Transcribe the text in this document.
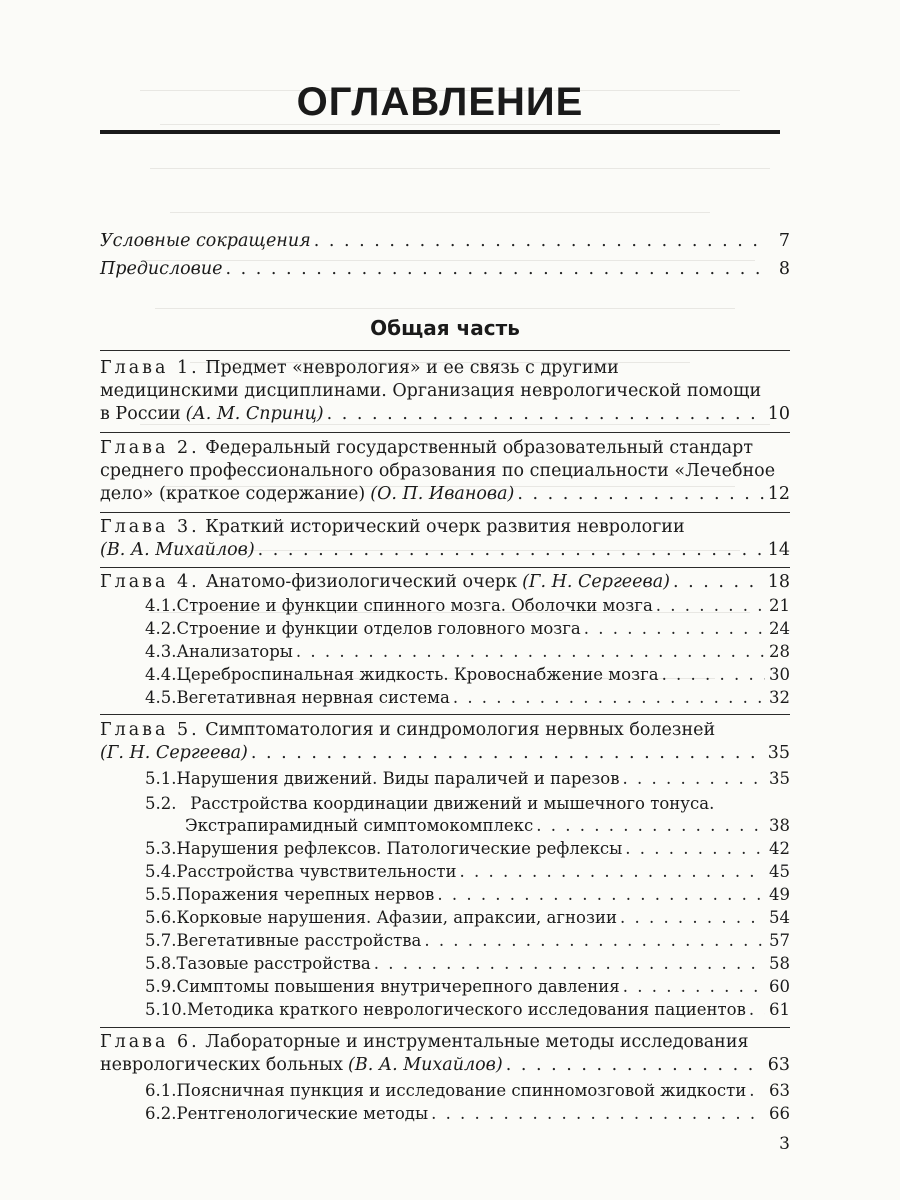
ОГЛАВЛЕНИЕ
Условные сокращения . . .	7
Предисловие . . .	8
Общая часть
Глава 1. Предмет «неврология» и ее связь с другими
медицинскими дисциплинами. Организация неврологической помощи
в России (А. М. Спринц) . . .	10
Глава 2. Федеральный государственный образовательный стандарт
среднего профессионального образования по специальности «Лечебное
дело» (краткое содержание) (О. П. Иванова) . . .	12
Глава 3. Краткий исторический очерк развития неврологии
(В. А. Михайлов) . . .	14
Глава 4. Анатомо-физиологический очерк (Г. Н. Сергеева) . . .	18
4.1. Строение и функции спинного мозга. Оболочки мозга . . .	21
4.2. Строение и функции отделов головного мозга . . .	24
4.3. Анализаторы . . .	28
4.4. Цереброспинальная жидкость. Кровоснабжение мозга . . .	30
4.5. Вегетативная нервная система . . .	32
Глава 5. Симптоматология и синдромология нервных болезней
(Г. Н. Сергеева) . . .	35
5.1. Нарушения движений. Виды параличей и парезов . . .	35
5.2. Расстройства координации движений и мышечного тонуса.
Экстрапирамидный симптомокомплекс . . .	38
5.3. Нарушения рефлексов. Патологические рефлексы . . .	42
5.4. Расстройства чувствительности . . .	45
5.5. Поражения черепных нервов . . .	49
5.6. Корковые нарушения. Афазии, апраксии, агнозии . . .	54
5.7. Вегетативные расстройства . . .	57
5.8. Тазовые расстройства . . .	58
5.9. Симптомы повышения внутричерепного давления . . .	60
5.10. Методика краткого неврологического исследования пациентов . . . 61
Глава 6. Лабораторные и инструментальные методы исследования
неврологических больных (В. А. Михайлов) . . .	63
6.1. Поясничная пункция и исследование спинномозговой жидкости . . . 63
6.2. Рентгенологические методы . . .	66
3
